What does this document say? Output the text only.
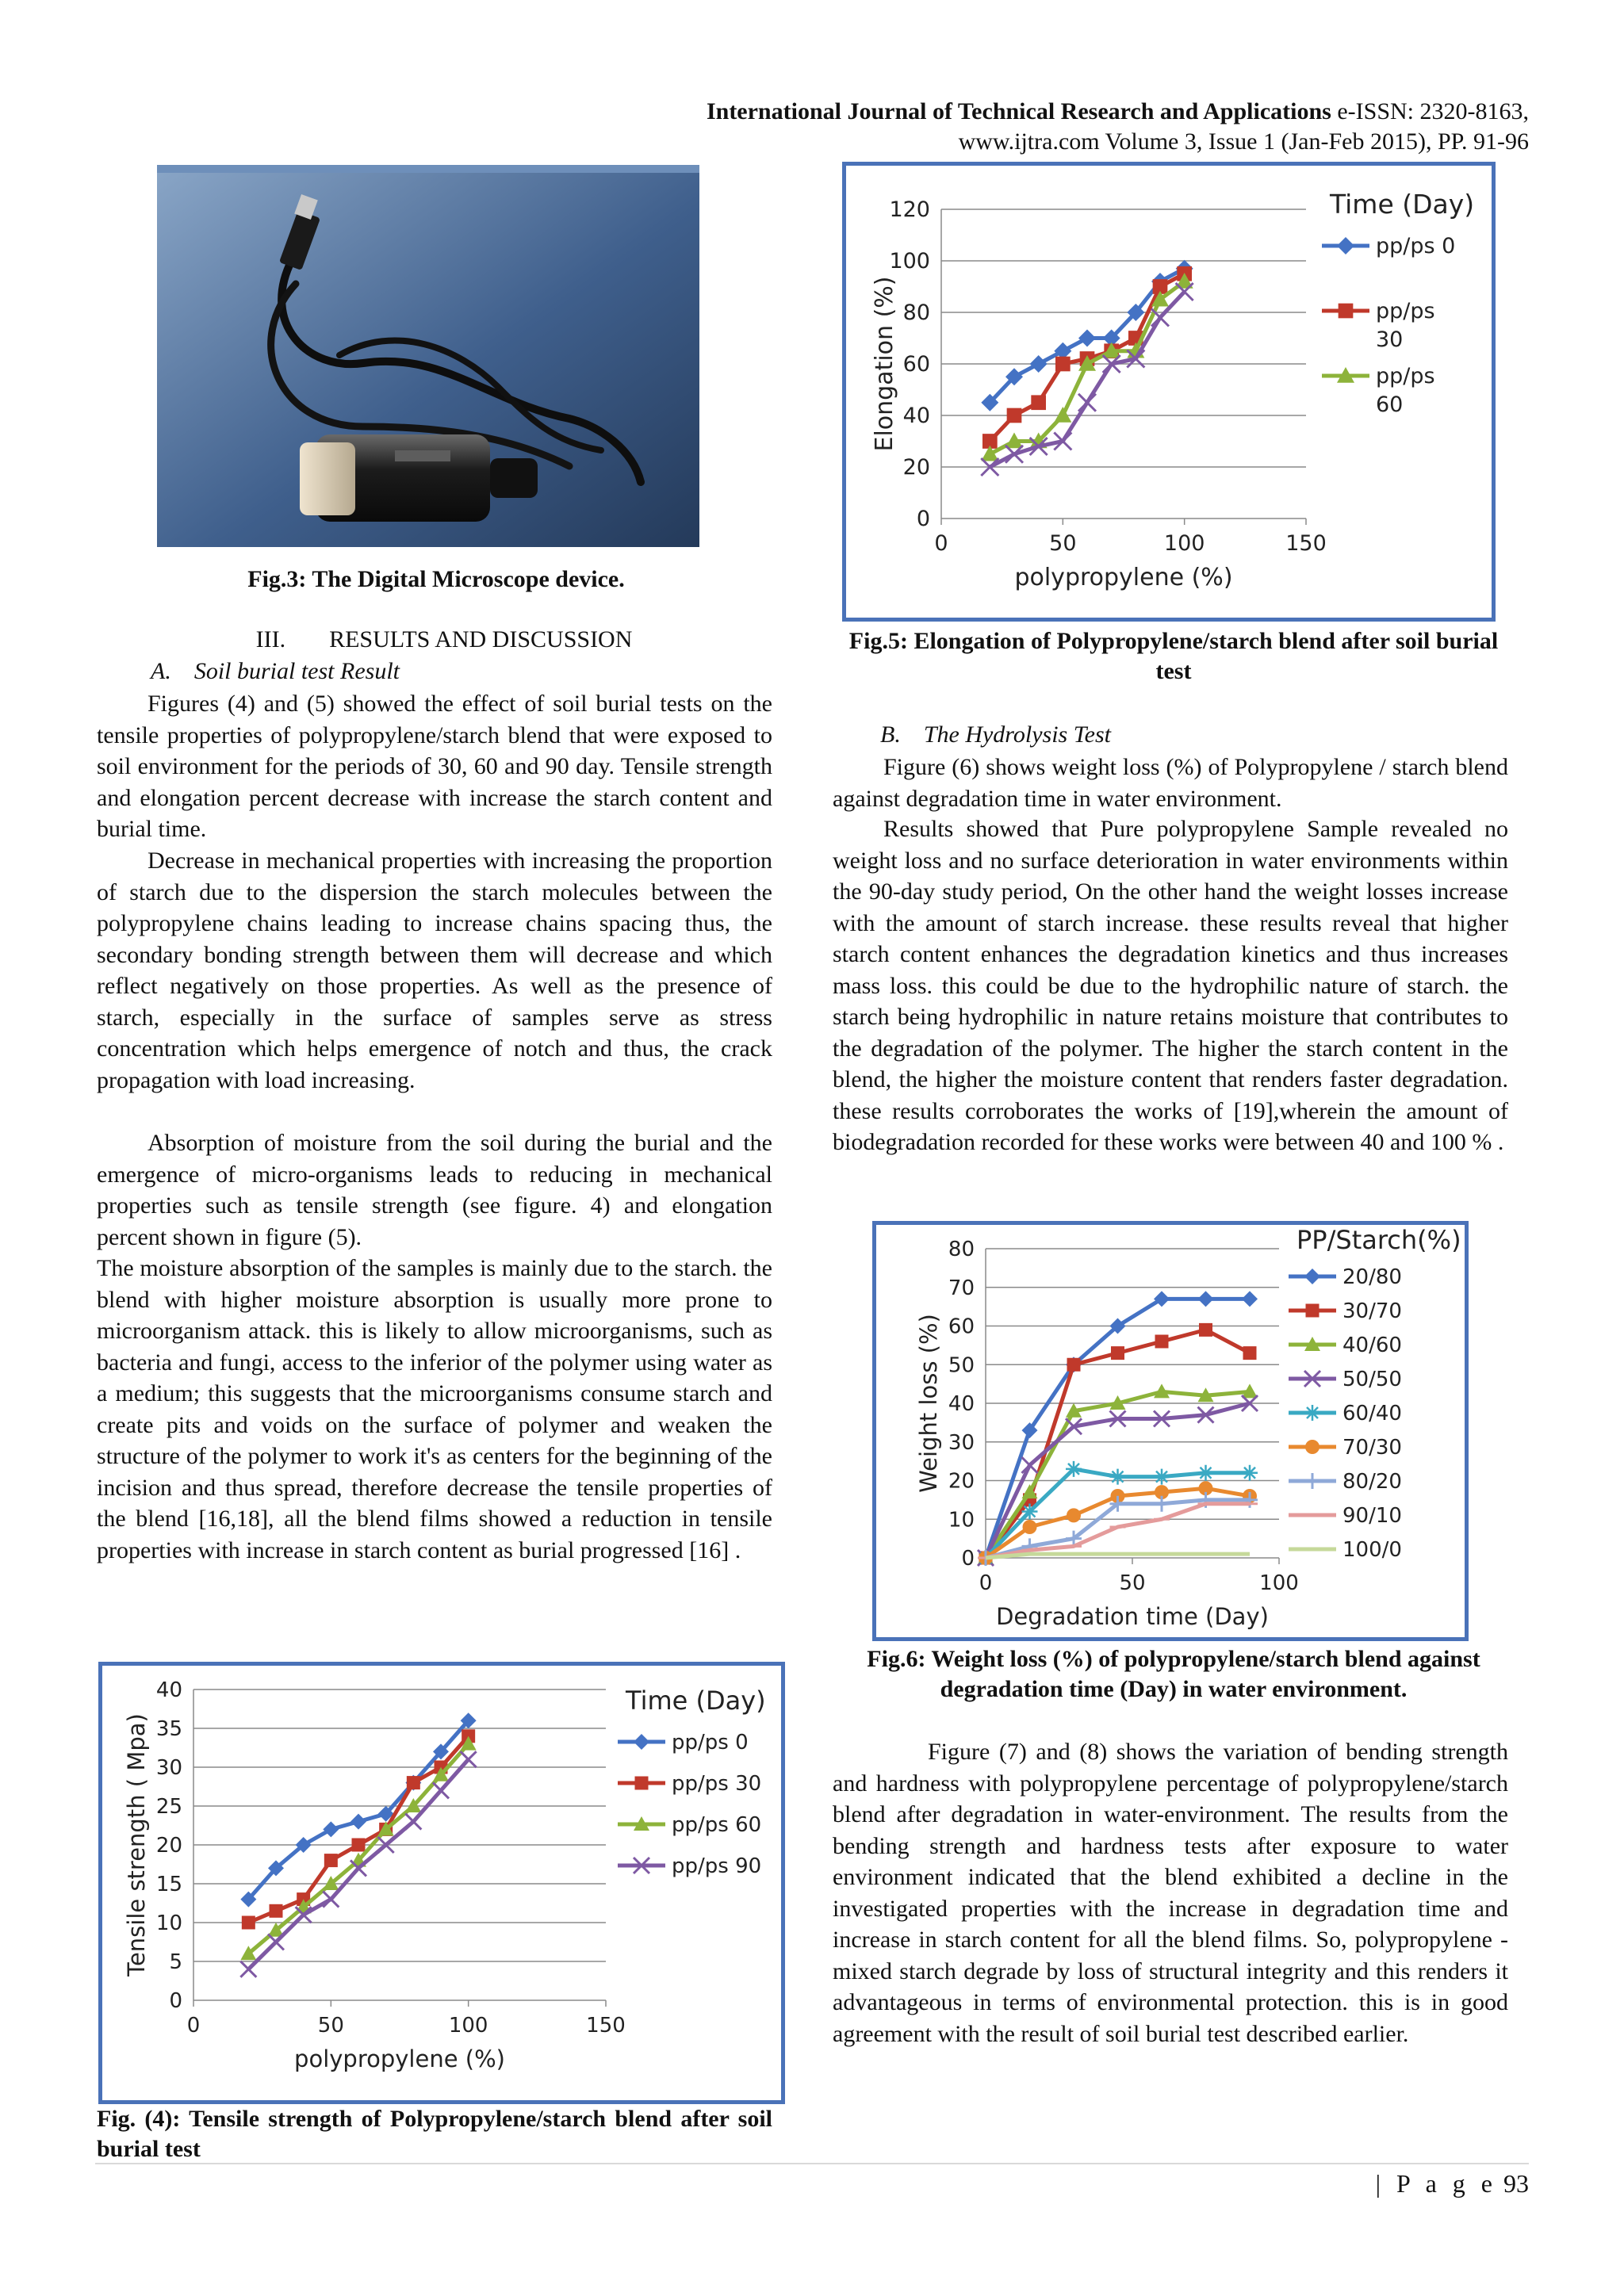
International Journal of Technical Research and Applications e-ISSN: 2320-8163,
www.ijtra.com Volume 3, Issue 1 (Jan-Feb 2015), PP. 91-96

Fig.3: The Digital Microscope device.

III. RESULTS AND DISCUSSION
A. Soil burial test Result

Figures (4) and (5) showed the effect of soil burial tests on the tensile properties of polypropylene/starch blend that were exposed to soil environment for the periods of 30, 60 and 90 day. Tensile strength and elongation percent decrease with increase the starch content and burial time.

Decrease in mechanical properties with increasing the proportion of starch due to the dispersion the starch molecules between the polypropylene chains leading to increase chains spacing thus, the secondary bonding strength between them will decrease and which reflect negatively on those properties. As well as the presence of starch, especially in the surface of samples serve as stress concentration which helps emergence of notch and thus, the crack propagation with load increasing.

Absorption of moisture from the soil during the burial and the emergence of micro-organisms leads to reducing in mechanical properties such as tensile strength (see figure. 4) and elongation percent shown in figure (5).

The moisture absorption of the samples is mainly due to the starch. the blend with higher moisture absorption is usually more prone to microorganism attack. this is likely to allow microorganisms, such as bacteria and fungi, access to the inferior of the polymer using water as a medium; this suggests that the microorganisms consume starch and create pits and voids on the surface of polymer and weaken the structure of the polymer to work it's as centers for the beginning of the incision and thus spread, therefore decrease the tensile properties of the blend [16,18], all the blend films showed a reduction in tensile properties with increase in starch content as burial progressed [16] .

0
5
10
15
20
25
30
35
40
0	50	100	150
polypropylene (%)
Tensile strength ( Mpa)
Time (Day)
pp/ps 0
pp/ps 30
pp/ps 60
pp/ps 90

Fig. (4): Tensile strength of Polypropylene/starch blend after soil burial test

0
20
40
60
80
100
120
0	50	100	150
polypropylene (%)
Elongation (%)
Time (Day)
pp/ps 0
pp/ps
30
pp/ps
60

Fig.5: Elongation of Polypropylene/starch blend after soil burial test

B. The Hydrolysis Test

Figure (6) shows weight loss (%) of Polypropylene / starch blend against degradation time in water environment.

Results showed that Pure polypropylene Sample revealed no weight loss and no surface deterioration in water environments within the 90-day study period, On the other hand the weight losses increase with the amount of starch increase. these results reveal that higher starch content enhances the degradation kinetics and thus increases mass loss. this could be due to the hydrophilic nature of starch. the starch being hydrophilic in nature retains moisture that contributes to the degradation of the polymer. The higher the starch content in the blend, the higher the moisture content that renders faster degradation. these results corroborates the works of [19],wherein the amount of biodegradation recorded for these works were between 40 and 100 % .

0
10
20
30
40
50
60
70
80
0	50	100
Degradation time (Day)
Weight loss (%)
PP/Starch(%)
20/80
30/70
40/60
50/50
60/40
70/30
80/20
90/10
100/0

Fig.6: Weight loss (%) of polypropylene/starch blend against degradation time (Day) in water environment.

Figure (7) and (8) shows the variation of bending strength and hardness with polypropylene percentage of polypropylene/starch blend after degradation in water-environment. The results from the bending strength and hardness tests after exposure to water environment indicated that the blend exhibited a decline in the investigated properties with the increase in degradation time and increase in starch content for all the blend films. So, polypropylene - mixed starch degrade by loss of structural integrity and this renders it advantageous in terms of environmental protection. this is in good agreement with the result of soil burial test described earlier.

| P a g e 93
